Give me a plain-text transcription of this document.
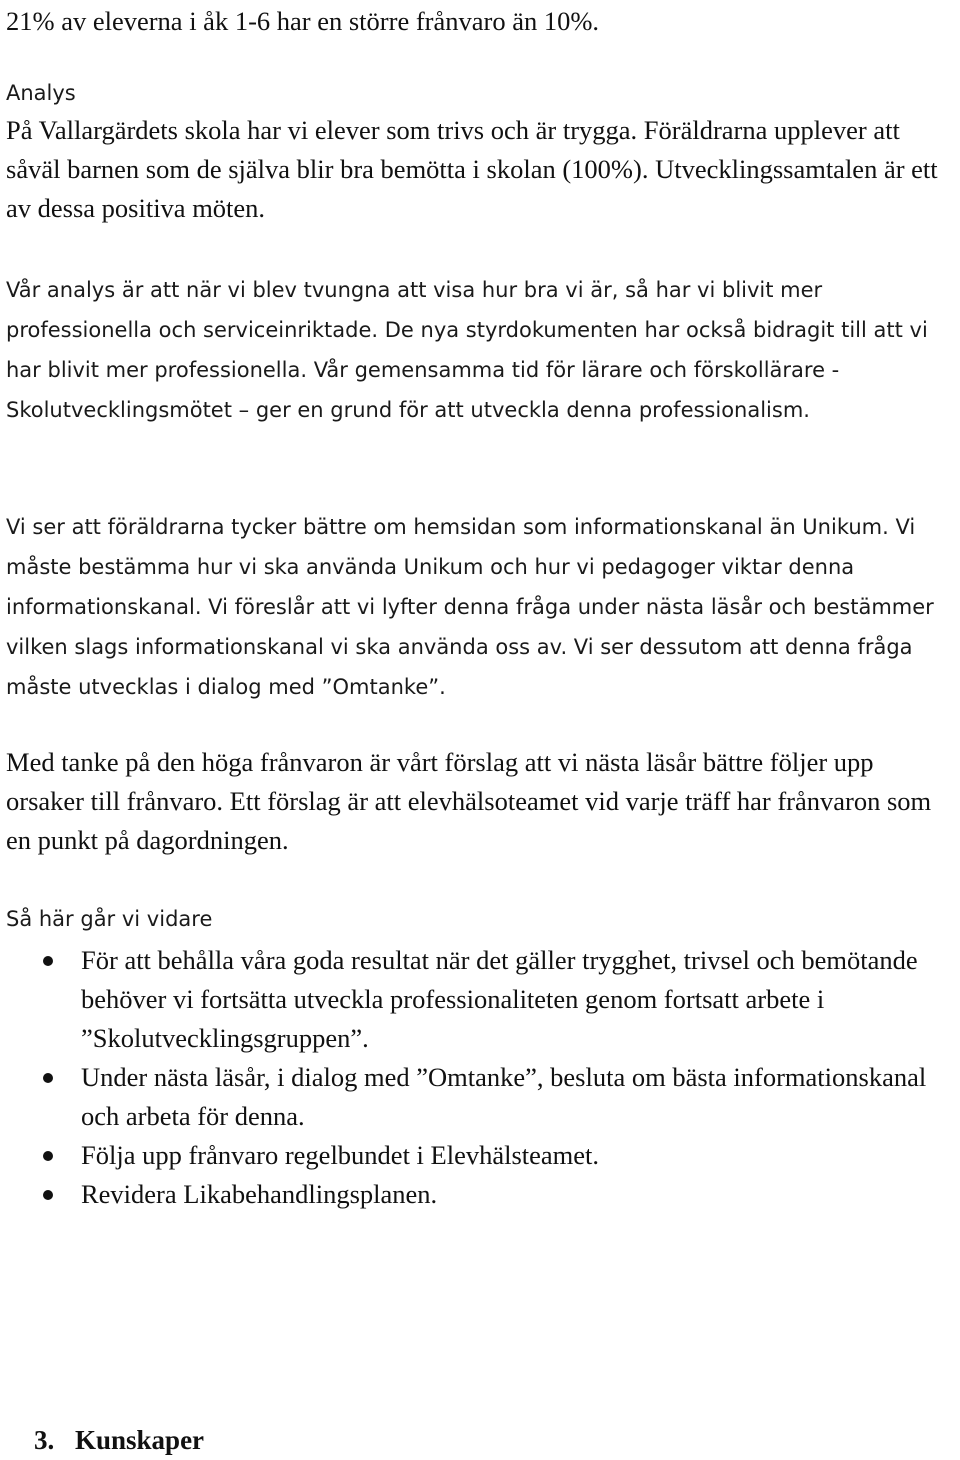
21% av eleverna i åk 1-6 har en större frånvaro än 10%.

Analys

På Vallargärdets skola har vi elever som trivs och är trygga. Föräldrarna upplever att såväl barnen som de själva blir bra bemötta i skolan (100%). Utvecklingssamtalen är ett av dessa positiva möten.

Vår analys är att när vi blev tvungna att visa hur bra vi är, så har vi blivit mer professionella och serviceinriktade. De nya styrdokumenten har också bidragit till att vi har blivit mer professionella. Vår gemensamma tid för lärare och förskollärare - Skolutvecklingsmötet – ger en grund för att utveckla denna professionalism.

Vi ser att föräldrarna tycker bättre om hemsidan som informationskanal än Unikum. Vi måste bestämma hur vi ska använda Unikum och hur vi pedagoger viktar denna informationskanal. Vi föreslår att vi lyfter denna fråga under nästa läsår och bestämmer vilken slags informationskanal vi ska använda oss av. Vi ser dessutom att denna fråga måste utvecklas i dialog med ”Omtanke”.

Med tanke på den höga frånvaron är vårt förslag att vi nästa läsår bättre följer upp orsaker till frånvaro. Ett förslag är att elevhälsoteamet vid varje träff har frånvaron som en punkt på dagordningen.

Så här går vi vidare
För att behålla våra goda resultat när det gäller trygghet, trivsel och bemötande behöver vi fortsätta utveckla professionaliteten genom fortsatt arbete i ”Skolutvecklingsgruppen”.
Under nästa läsår, i dialog med ”Omtanke”, besluta om bästa informationskanal och arbeta för denna.
Följa upp frånvaro regelbundet i Elevhälsteamet.
Revidera Likabehandlingsplanen.
3. Kunskaper
